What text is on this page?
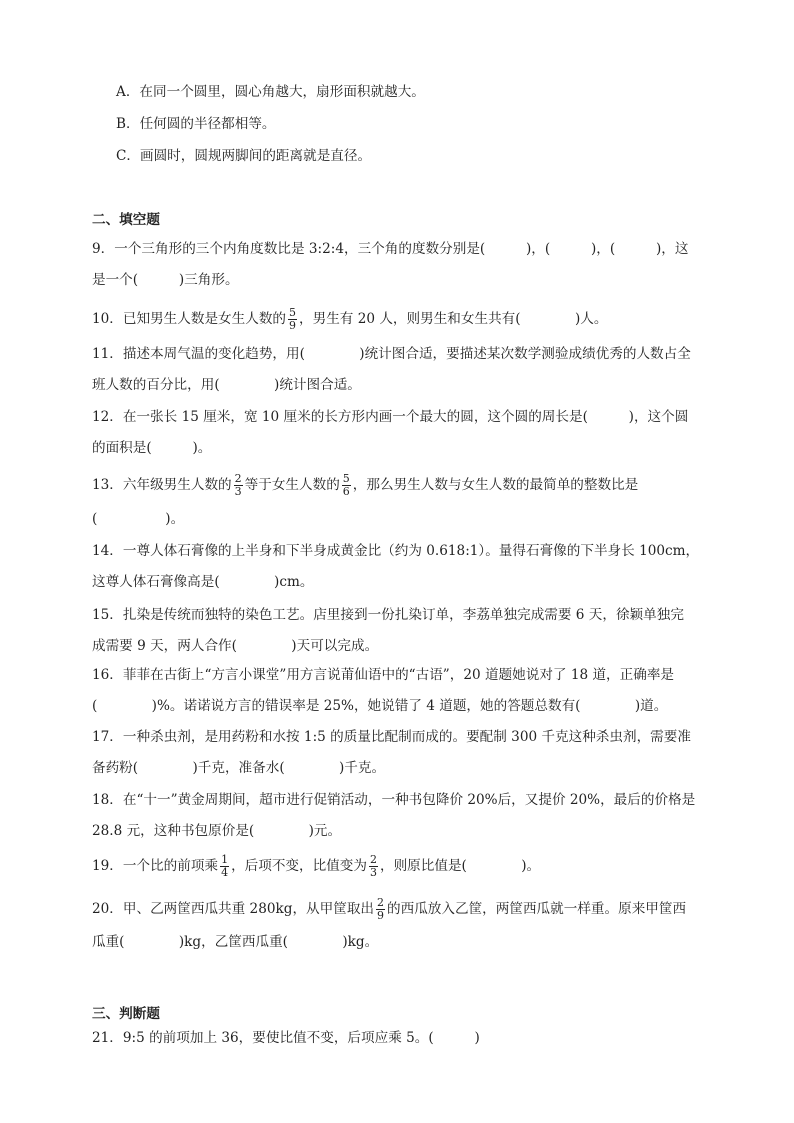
A．在同一个圆里，圆心角越大，扇形面积就越大。
B．任何圆的半径都相等。
C．画圆时，圆规两脚间的距离就是直径。
二、填空题
9．一个三角形的三个内角度数比是 3:2:4，三个角的度数分别是(　　　)，(　　　)，(　　　)，这
是一个(　　　)三角形。
10．已知男生人数是女生人数的 $\frac{5}{9}$ ，男生有 20 人，则男生和女生共有(　　　　)人。
11．描述本周气温的变化趋势，用(　　　　)统计图合适，要描述某次数学测验成绩优秀的人数占全
班人数的百分比，用(　　　　)统计图合适。
12．在一张长 15 厘米，宽 10 厘米的长方形内画一个最大的圆，这个圆的周长是(　　　)，这个圆
的面积是(　　　)。
13．六年级男生人数的 $\frac{2}{3}$ 等于女生人数的 $\frac{5}{6}$ ，那么男生人数与女生人数的最简单的整数比是
(　　　　　)。
14．一尊人体石膏像的上半身和下半身成黄金比（约为 0.618:1）。量得石膏像的下半身长 100cm，
这尊人体石膏像高是(　　　　)cm。
15．扎染是传统而独特的染色工艺。店里接到一份扎染订单，李荔单独完成需要 6 天，徐颖单独完
成需要 9 天，两人合作(　　　　)天可以完成。
16．菲菲在古街上“方言小课堂”用方言说莆仙语中的“古语”，20 道题她说对了 18 道，正确率是
(　　　　)%。诺诺说方言的错误率是 25%，她说错了 4 道题，她的答题总数有(　　　　)道。
17．一种杀虫剂，是用药粉和水按 1:5 的质量比配制而成的。要配制 300 千克这种杀虫剂，需要准
备药粉(　　　　)千克，准备水(　　　　)千克。
18．在“十一”黄金周期间，超市进行促销活动，一种书包降价 20%后，又提价 20%，最后的价格是
28.8 元，这种书包原价是(　　　　)元。
19．一个比的前项乘 $\frac{1}{4}$ ，后项不变，比值变为 $\frac{2}{3}$ ，则原比值是(　　　　)。
20．甲、乙两筐西瓜共重 280kg，从甲筐取出 $\frac{2}{9}$ 的西瓜放入乙筐，两筐西瓜就一样重。原来甲筐西
瓜重(　　　　)kg，乙筐西瓜重(　　　　)kg。
三、判断题
21．9:5 的前项加上 36，要使比值不变，后项应乘 5。(　　　)
